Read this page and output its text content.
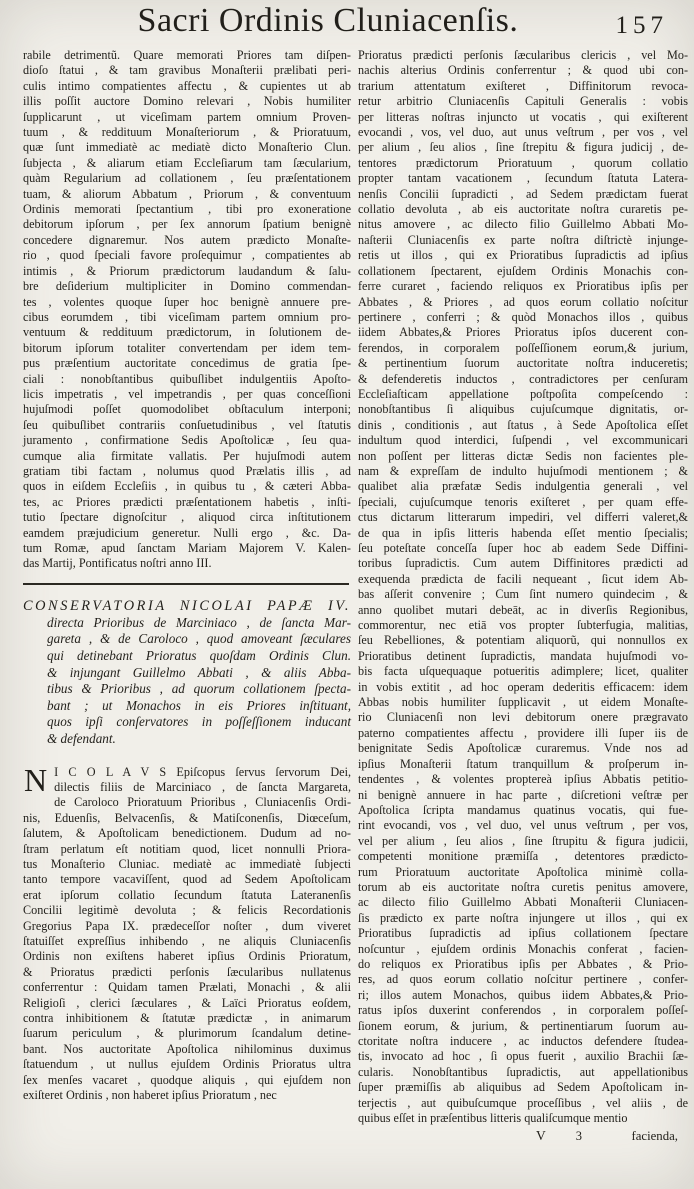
Sacri Ordinis Cluniacenſis.	157
rabile detrimentũ. Quare memorati Priores tam diſpen-
dioſo ſtatui , & tam gravibus Monaſterii prælibati peri-
culis intimo compatientes affectu , & cupientes ut ab
illis poſſit auctore Domino relevari , Nobis humiliter
ſupplicarunt , ut viceſimam partem omnium Proven-
tuum , & reddituum Monaſteriorum , & Prioratuum,
quæ ſunt immediatè ac mediatè dicto Monaſterio Clun.
ſubjecta , & aliarum etiam Eccleſiarum tam ſæcularium,
quàm Regularium ad collationem , ſeu præſentationem
tuam, & aliorum Abbatum , Priorum , & conventuum
Ordinis memorati ſpectantium , tibi pro exoneratione
debitorum ipſorum , per ſex annorum ſpatium benignè
concedere dignaremur. Nos autem prædicto Monaſte-
rio , quod ſpeciali favore proſequimur , compatientes ab
intimis , & Priorum prædictorum laudandum & ſalu-
bre deſiderium multipliciter in Domino commendan-
tes , volentes quoque ſuper hoc benignè annuere pre-
cibus eorumdem , tibi viceſimam partem omnium pro-
ventuum & reddituum prædictorum, in ſolutionem de-
bitorum ipſorum totaliter convertendam per idem tem-
pus præſentium auctoritate concedimus de gratia ſpe-
ciali : nonobſtantibus quibuſlibet indulgentiis Apoſto-
licis impetratis , vel impetrandis , per quas conceſſioni
hujuſmodi poſſet quomodolibet obſtaculum interponi;
ſeu quibuſlibet contrariis conſuetudinibus , vel ſtatutis
juramento , confirmatione Sedis Apoſtolicæ , ſeu qua-
cumque alia firmitate vallatis. Per hujuſmodi autem
gratiam tibi factam , nolumus quod Prælatis illis , ad
quos in eiſdem Eccleſiis , in quibus tu , & cæteri Abba-
tes, ac Priores prædicti præſentationem habetis , inſti-
tutio ſpectare dignoſcitur , aliquod circa inſtitutionem
eamdem præjudicium generetur. Nulli ergo , &c. Da-
tum Romæ, apud ſanctam Mariam Majorem V. Kalen-
das Martij, Pontificatus noſtri anno III.
CONSERVATORIA NICOLAI PAPÆ IV.
directa Prioribus de Marciniaco , de ſancta Mar-
gareta , & de Caroloco , quod amoveant ſæculares
qui detinebant Prioratus quoſdam Ordinis Clun.
& injungant Guillelmo Abbati , & aliis Abba-
tibus & Prioribus , ad quorum collationem ſpecta-
bant ; ut Monachos in eis Priores inſtituant,
quos ipſi conſervatores in poſſeſſionem inducant
& defendant.
N I C O L A V S Epiſcopus ſervus ſervorum Dei,
dilectis filiis de Marciniaco , de ſancta Margareta,
de Caroloco Prioratuum Prioribus , Cluniacenſis Ordi-
nis, Eduenſis, Belvacenſis, & Matiſconenſis, Diœceſum,
ſalutem, & Apoſtolicam benedictionem. Dudum ad no-
ſtram perlatum eſt notitiam quod, licet nonnulli Priora-
tus Monaſterio Cluniac. mediatè ac immediatè ſubjecti
tanto tempore vacaviſſent, quod ad Sedem Apoſtolicam
erat ipſorum collatio ſecundum ſtatuta Lateranenſis
Concilii legitimè devoluta ; & felicis Recordationis
Gregorius Papa IX. prædeceſſor noſter , dum viveret
ſtatuiſſet expreſſius inhibendo , ne aliquis Cluniacenſis
Ordinis non exiſtens haberet ipſius Ordinis Prioratum,
& Prioratus prædicti perſonis ſæcularibus nullatenus
conferrentur : Quidam tamen Prælati, Monachi , & alii
Religioſi , clerici ſæculares , & Laïci Prioratus eoſdem,
contra inhibitionem & ſtatutæ prædictæ , in animarum
ſuarum periculum , & plurimorum ſcandalum detine-
bant. Nos auctoritate Apoſtolica nihilominus duximus
ſtatuendum , ut nullus ejuſdem Ordinis Prioratus ultra
ſex menſes vacaret , quodque aliquis , qui ejuſdem non
exiſteret Ordinis , non haberet ipſius Prioratum , nec
Prioratus prædicti perſonis ſæcularibus clericis , vel Mo-
nachis alterius Ordinis conferrentur ; & quod ubi con-
trarium attentatum exiſteret , Diffinitorum revoca-
retur arbitrio Cluniacenſis Capituli Generalis : vobis
per litteras noſtras injuncto ut vocatis , qui exiſterent
evocandi , vos, vel duo, aut unus veſtrum , per vos , vel
per alium , ſeu alios , ſine ſtrepitu & figura judicij , de-
tentores prædictorum Prioratuum , quorum collatio
propter tantam vacationem , ſecundum ſtatuta Latera-
nenſis Concilii ſupradicti , ad Sedem prædictam fuerat
collatio devoluta , ab eis auctoritate noſtra curaretis pe-
nitus amovere , ac dilecto filio Guillelmo Abbati Mo-
naſterii Cluniacenſis ex parte noſtra diſtrictè injunge-
retis ut illos , qui ex Prioratibus ſupradictis ad ipſius
collationem ſpectarent, ejuſdem Ordinis Monachis con-
ferre curaret , faciendo reliquos ex Prioratibus ipſis per
Abbates , & Priores , ad quos eorum collatio noſcitur
pertinere , conferri ; & quòd Monachos illos , quibus
iidem Abbates,& Priores Prioratus ipſos ducerent con-
ferendos, in corporalem poſſeſſionem eorum,& jurium,
& pertinentium ſuorum auctoritate noſtra induceretis;
& defenderetis inductos , contradictores per cenſuram
Eccleſiaſticam appellatione poſtpoſita compeſcendo :
nonobſtantibus ſi aliquibus cujuſcumque dignitatis, or-
dinis , conditionis , aut ſtatus , à Sede Apoſtolica eſſet
indultum quod interdici, ſuſpendi , vel excommunicari
non poſſent per litteras dictæ Sedis non facientes ple-
nam & expreſſam de indulto hujuſmodi mentionem ; &
qualibet alia præfatæ Sedis indulgentia generali , vel
ſpeciali, cujuſcumque tenoris exiſteret , per quam effe-
ctus dictarum litterarum impediri, vel differri valeret,&
de qua in ipſis litteris habenda eſſet mentio ſpecialis;
ſeu poteſtate conceſſa ſuper hoc ab eadem Sede Diffini-
toribus ſupradictis. Cum autem Diffinitores prædicti ad
exequenda prædicta de facili nequeant , ſicut idem Ab-
bas aſſerit convenire ; Cum ſint numero quindecim , &
anno quolibet mutari debeāt, ac in diverſis Regionibus,
commorentur, nec etiā vos propter ſubterfugia, malitias,
ſeu Rebelliones, & potentiam aliquorũ, qui nonnullos ex
Prioratibus detinent ſupradictis, mandata hujuſmodi vo-
bis facta uſquequaque potueritis adimplere; licet, qualiter
in vobis extitit , ad hoc operam dederitis efficacem: idem
Abbas nobis humiliter ſupplicavit , ut eidem Monaſte-
rio Cluniacenſi non levi debitorum onere prægravato
paterno compatientes affectu , providere illi ſuper iis de
benignitate Sedis Apoſtolicæ curaremus. Vnde nos ad
ipſius Monaſterii ſtatum tranquillum & proſperum in-
tendentes , & volentes proptereà ipſius Abbatis petitio-
ni benignè annuere in hac parte , diſcretioni veſtræ per
Apoſtolica ſcripta mandamus quatinus vocatis, qui fue-
rint evocandi, vos , vel duo, vel unus veſtrum , per vos,
vel per alium , ſeu alios , ſine ſtrupitu & figura judicii,
competenti monitione præmiſſa , detentores prædicto-
rum Prioratuum auctoritate Apoſtolica minimè colla-
torum ab eis auctoritate noſtra curetis penitus amovere,
ac dilecto filio Guillelmo Abbati Monaſterii Cluniacen-
ſis prædicto ex parte noſtra injungere ut illos , qui ex
Prioratibus ſupradictis ad ipſius collationem ſpectare
noſcuntur , ejuſdem ordinis Monachis conferat , facien-
do reliquos ex Prioratibus ipſis per Abbates , & Prio-
res, ad quos eorum collatio noſcitur pertinere , confer-
ri; illos autem Monachos, quibus iidem Abbates,& Prio-
ratus ipſos duxerint conferendos , in corporalem poſſeſ-
ſionem eorum, & jurium, & pertinentiarum ſuorum au-
ctoritate noſtra inducere , ac inductos defendere ſtudea-
tis, invocato ad hoc , ſi opus fuerit , auxilio Brachii ſæ-
cularis. Nonobſtantibus ſupradictis, aut appellationibus
ſuper præmiſſis ab aliquibus ad Sedem Apoſtolicam in-
terjectis , aut quibuſcumque proceſſibus , vel aliis , de
quibus eſſet in præſentibus litteris qualiſcumque mentio
V 3	facienda,
